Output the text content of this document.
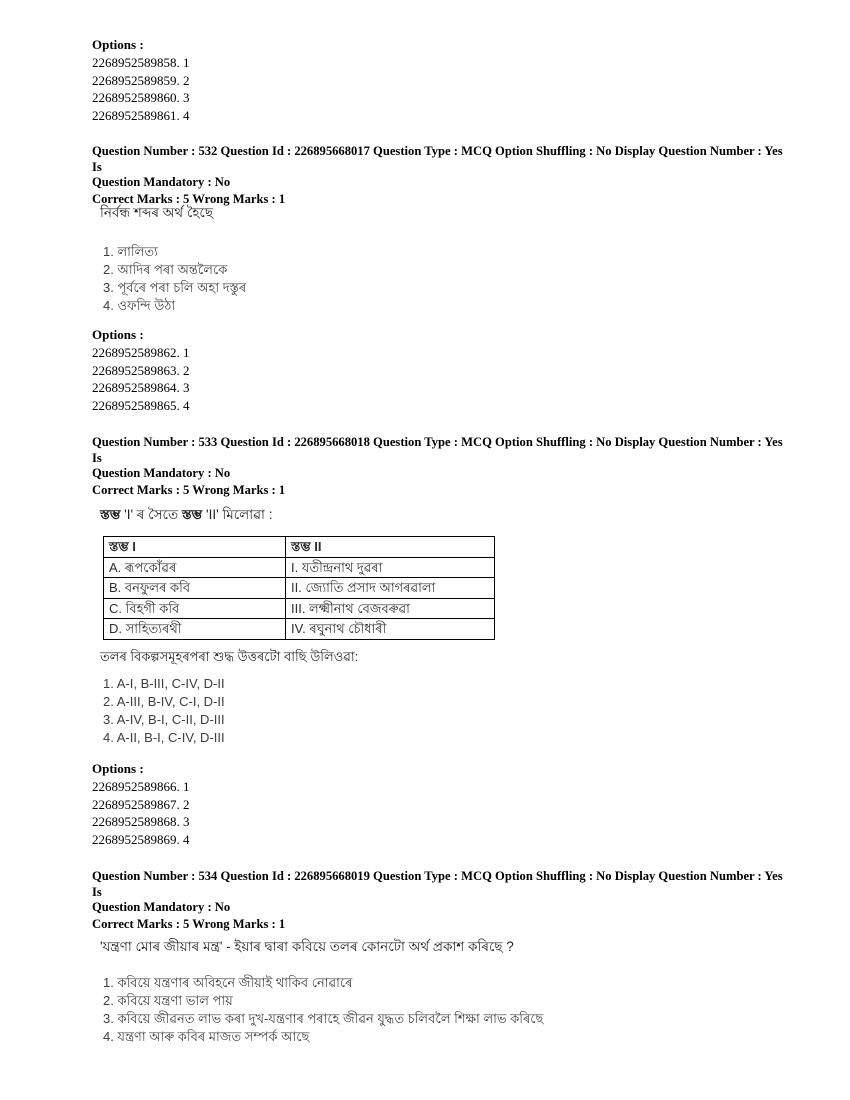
Options :
2268952589858. 1
2268952589859. 2
2268952589860. 3
2268952589861. 4
Question Number : 532 Question Id : 226895668017 Question Type : MCQ Option Shuffling : No Display Question Number : Yes Is
Question Mandatory : No
Correct Marks : 5 Wrong Marks : 1
নিৰ্বন্ধ শব্দৰ অৰ্থ হৈছে
1. লালিত্য
2. আদিৰ পৰা অন্তলৈকে
3. পূৰ্বৰে পৰা চলি অহা দস্তুৰ
4. ওফন্দি উঠা
Options :
2268952589862. 1
2268952589863. 2
2268952589864. 3
2268952589865. 4
Question Number : 533 Question Id : 226895668018 Question Type : MCQ Option Shuffling : No Display Question Number : Yes Is
Question Mandatory : No
Correct Marks : 5 Wrong Marks : 1
স্তম্ভ 'I' ৰ সৈতে স্তম্ভ 'II' মিলোৱা :
স্তম্ভ I	স্তম্ভ II
A. ৰূপকোঁৱৰ	I. যতীন্দ্ৰনাথ দুৱৰা
B. বনফুলৰ কবি	II. জ্যোতি প্ৰসাদ আগৰৱালা
C. বিহগী কবি	III. লক্ষ্মীনাথ বেজবৰুৱা
D. সাহিত্যৰথী	IV. ৰঘুনাথ চৌধাৰী
তলৰ বিকল্পসমূহৰপৰা শুদ্ধ উত্তৰটো বাছি উলিওৱা:
1. A-I, B-III, C-IV, D-II
2. A-III, B-IV, C-I, D-II
3. A-IV, B-I, C-II, D-III
4. A-II, B-I, C-IV, D-III
Options :
2268952589866. 1
2268952589867. 2
2268952589868. 3
2268952589869. 4
Question Number : 534 Question Id : 226895668019 Question Type : MCQ Option Shuffling : No Display Question Number : Yes Is
Question Mandatory : No
Correct Marks : 5 Wrong Marks : 1
'যন্ত্ৰণা মোৰ জীয়াৰ মন্ত্ৰ' - ইয়াৰ দ্বাৰা কবিয়ে তলৰ কোনটো অৰ্থ প্ৰকাশ কৰিছে ?
1. কবিয়ে যন্ত্ৰণাৰ অবিহনে জীয়াই থাকিব নোৱাৰে
2. কবিয়ে যন্ত্ৰণা ভাল পায়
3. কবিয়ে জীৱনত লাভ কৰা দুখ-যন্ত্ৰণাৰ পৰাহে জীৱন যুদ্ধত চলিবলৈ শিক্ষা লাভ কৰিছে
4. যন্ত্ৰণা আৰু কবিৰ মাজত সম্পৰ্ক আছে
